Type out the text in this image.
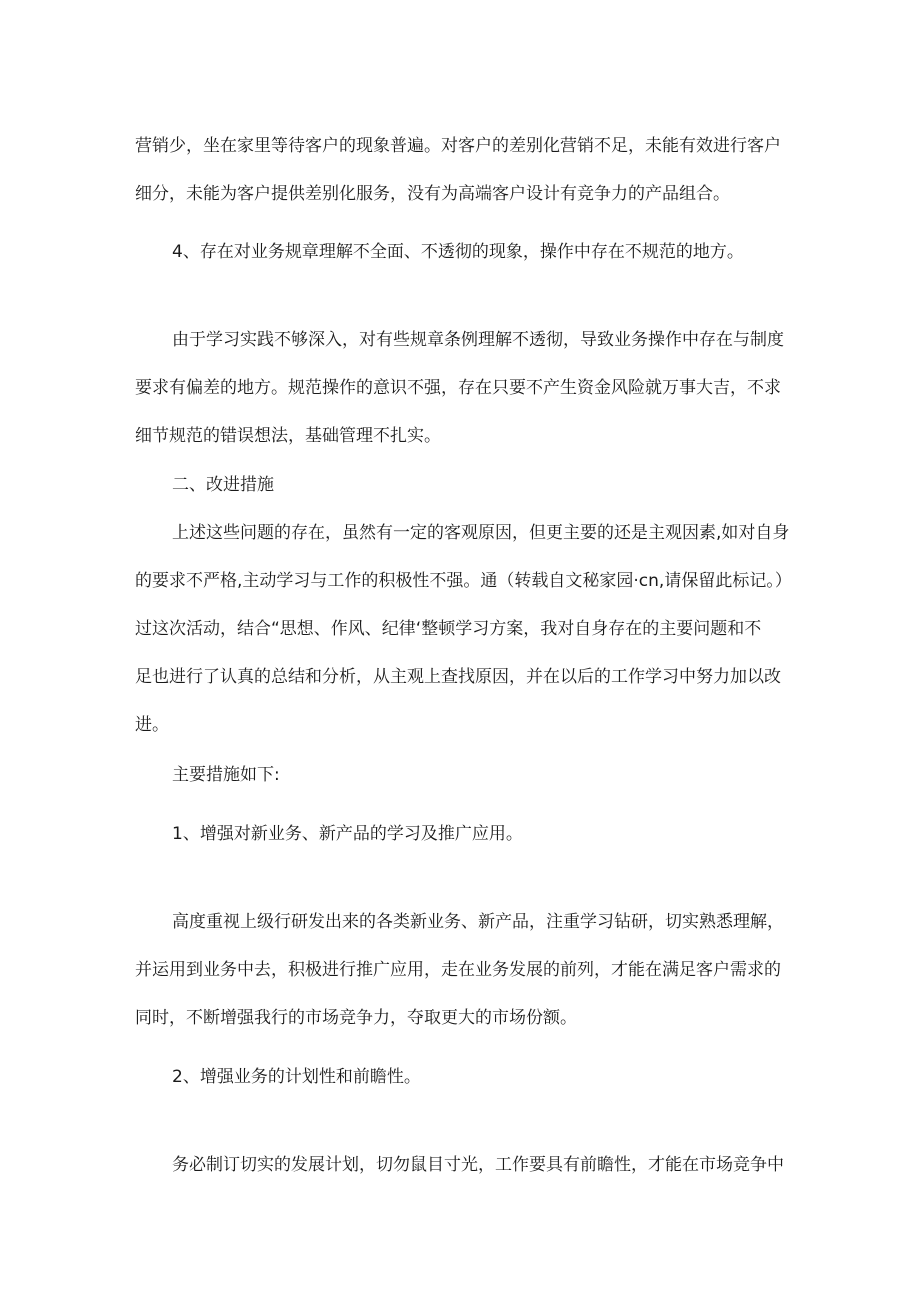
营销少，坐在家里等待客户的现象普遍。对客户的差别化营销不足，未能有效进行客户
细分，未能为客户提供差别化服务，没有为高端客户设计有竞争力的产品组合。
4、存在对业务规章理解不全面、不透彻的现象，操作中存在不规范的地方。
由于学习实践不够深入，对有些规章条例理解不透彻，导致业务操作中存在与制度
要求有偏差的地方。规范操作的意识不强，存在只要不产生资金风险就万事大吉，不求
细节规范的错误想法，基础管理不扎实。
二、改进措施
上述这些问题的存在，虽然有一定的客观原因，但更主要的还是主观因素,如对自身
的要求不严格,主动学习与工作的积极性不强。通（转载自文秘家园·cn,请保留此标记。）
过这次活动，结合“思想、作风、纪律‘整顿学习方案，我对自身存在的主要问题和不
足也进行了认真的总结和分析，从主观上查找原因，并在以后的工作学习中努力加以改
进。
主要措施如下:
1、增强对新业务、新产品的学习及推广应用。
高度重视上级行研发出来的各类新业务、新产品，注重学习钻研，切实熟悉理解，
并运用到业务中去，积极进行推广应用，走在业务发展的前列，才能在满足客户需求的
同时，不断增强我行的市场竞争力，夺取更大的市场份额。
2、增强业务的计划性和前瞻性。
务必制订切实的发展计划，切勿鼠目寸光，工作要具有前瞻性，才能在市场竞争中
